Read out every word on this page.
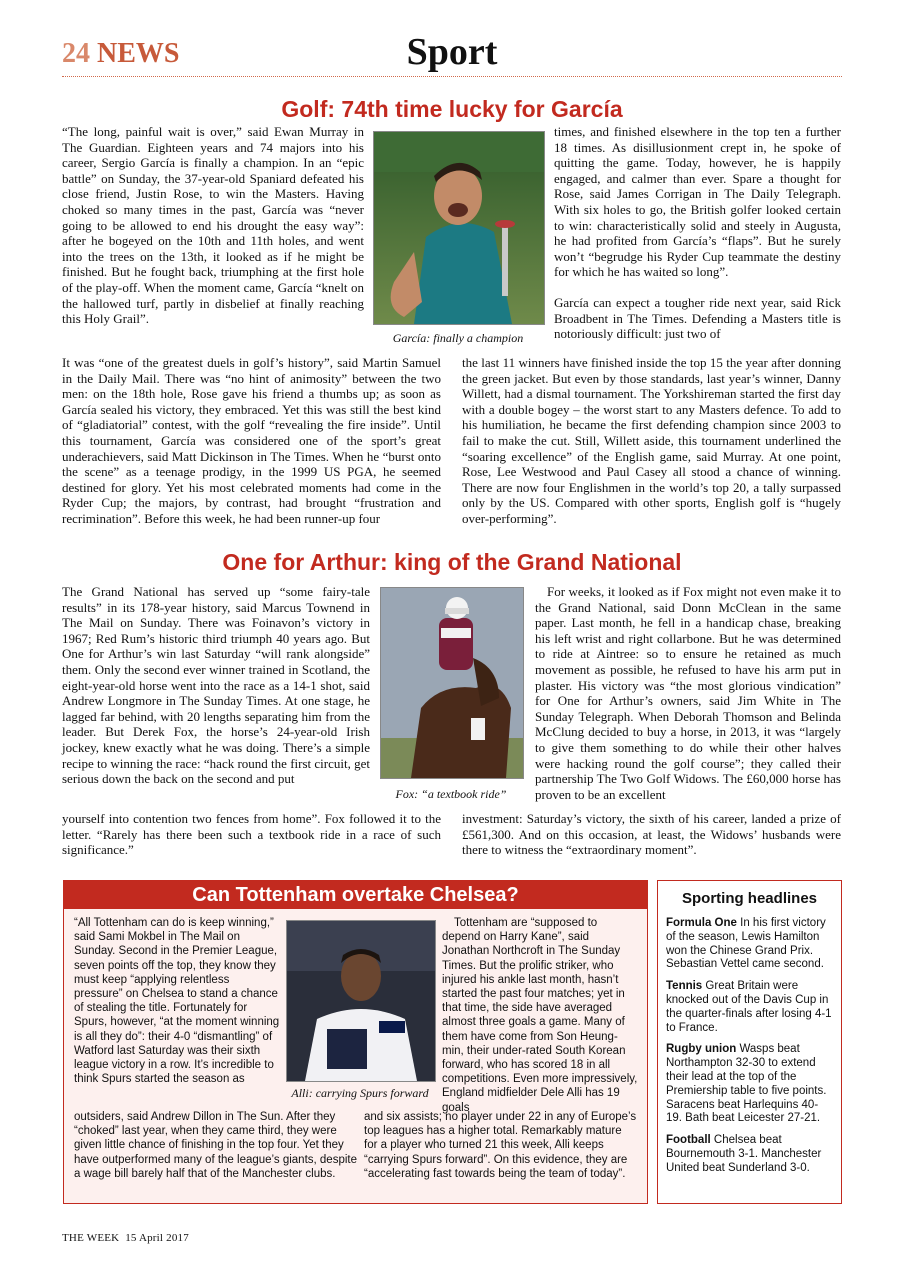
24 NEWS	Sport
Golf: 74th time lucky for García

“The long, painful wait is over,” said Ewan Murray in The Guardian. Eighteen years and 74 majors into his career, Sergio García is finally a champion. In an “epic battle” on Sunday, the 37-year-old Spaniard defeated his close friend, Justin Rose, to win the Masters. Having choked so many times in the past, García was “never going to be allowed to end his drought the easy way”: after he bogeyed on the 10th and 11th holes, and went into the trees on the 13th, it looked as if he might be finished. But he fought back, triumphing at the first hole of the play-off. When the moment came, García “knelt on the hallowed turf, partly in disbelief at finally reaching this Holy Grail”.

García: finally a champion

times, and finished elsewhere in the top ten a further 18 times. As disillusionment crept in, he spoke of quitting the game. Today, however, he is happily engaged, and calmer than ever. Spare a thought for Rose, said James Corrigan in The Daily Telegraph. With six holes to go, the British golfer looked certain to win: characteristically solid and steely in Augusta, he had profited from García’s “flaps”. But he surely won’t “begrudge his Ryder Cup teammate the destiny for which he has waited so long”.

García can expect a tougher ride next year, said Rick Broadbent in The Times. Defending a Masters title is notoriously difficult: just two of

It was “one of the greatest duels in golf’s history”, said Martin Samuel in the Daily Mail. There was “no hint of animosity” between the two men: on the 18th hole, Rose gave his friend a thumbs up; as soon as García sealed his victory, they embraced. Yet this was still the best kind of “gladiatorial” contest, with the golf “revealing the fire inside”. Until this tournament, García was considered one of the sport’s great underachievers, said Matt Dickinson in The Times. When he “burst onto the scene” as a teenage prodigy, in the 1999 US PGA, he seemed destined for glory. Yet his most celebrated moments had come in the Ryder Cup; the majors, by contrast, had brought “frustration and recrimination”. Before this week, he had been runner-up four

the last 11 winners have finished inside the top 15 the year after donning the green jacket. But even by those standards, last year’s winner, Danny Willett, had a dismal tournament. The Yorkshireman started the first day with a double bogey – the worst start to any Masters defence. To add to his humiliation, he became the first defending champion since 2003 to fail to make the cut. Still, Willett aside, this tournament underlined the “soaring excellence” of the English game, said Murray. At one point, Rose, Lee Westwood and Paul Casey all stood a chance of winning. There are now four Englishmen in the world’s top 20, a tally surpassed only by the US. Compared with other sports, English golf is “hugely over-performing”.

One for Arthur: king of the Grand National

The Grand National has served up “some fairy-tale results” in its 178-year history, said Marcus Townend in The Mail on Sunday. There was Foinavon’s victory in 1967; Red Rum’s historic third triumph 40 years ago. But One for Arthur’s win last Saturday “will rank alongside” them. Only the second ever winner trained in Scotland, the eight-year-old horse went into the race as a 14-1 shot, said Andrew Longmore in The Sunday Times. At one stage, he lagged far behind, with 20 lengths separating him from the leader. But Derek Fox, the horse’s 24-year-old Irish jockey, knew exactly what he was doing. There’s a simple recipe to winning the race: “hack round the first circuit, get serious down the back on the second and put

Fox: “a textbook ride”

For weeks, it looked as if Fox might not even make it to the Grand National, said Donn McClean in the same paper. Last month, he fell in a handicap chase, breaking his left wrist and right collarbone. But he was determined to ride at Aintree: so to ensure he retained as much movement as possible, he refused to have his arm put in plaster. His victory was “the most glorious vindication” for One for Arthur’s owners, said Jim White in The Sunday Telegraph. When Deborah Thomson and Belinda McClung decided to buy a horse, in 2013, it was “largely to give them something to do while their other halves were hacking round the golf course”; they called their partnership The Two Golf Widows. The £60,000 horse has proven to be an excellent

yourself into contention two fences from home”. Fox followed it to the letter. “Rarely has there been such a textbook ride in a race of such significance.”

investment: Saturday’s victory, the sixth of his career, landed a prize of £561,300. And on this occasion, at least, the Widows’ husbands were there to witness the “extraordinary moment”.

Can Tottenham overtake Chelsea?

“All Tottenham can do is keep winning,” said Sami Mokbel in The Mail on Sunday. Second in the Premier League, seven points off the top, they know they must keep “applying relentless pressure” on Chelsea to stand a chance of stealing the title. Fortunately for Spurs, however, “at the moment winning is all they do”: their 4-0 “dismantling” of Watford last Saturday was their sixth league victory in a row. It’s incredible to think Spurs started the season as

Alli: carrying Spurs forward

Tottenham are “supposed to depend on Harry Kane”, said Jonathan Northcroft in The Sunday Times. But the prolific striker, who injured his ankle last month, hasn’t started the past four matches; yet in that time, the side have averaged almost three goals a game. Many of them have come from Son Heung-min, their under-rated South Korean forward, who has scored 18 in all competitions. Even more impressively, England midfielder Dele Alli has 19 goals

outsiders, said Andrew Dillon in The Sun. After they “choked” last year, when they came third, they were given little chance of finishing in the top four. Yet they have outperformed many of the league’s giants, despite a wage bill barely half that of the Manchester clubs.

and six assists; no player under 22 in any of Europe’s top leagues has a higher total. Remarkably mature for a player who turned 21 this week, Alli keeps “carrying Spurs forward”. On this evidence, they are “accelerating fast towards being the team of today”.

Sporting headlines
Formula One In his first victory of the season, Lewis Hamilton won the Chinese Grand Prix. Sebastian Vettel came second.
Tennis Great Britain were knocked out of the Davis Cup in the quarter-finals after losing 4-1 to France.
Rugby union Wasps beat Northampton 32-30 to extend their lead at the top of the Premiership table to five points. Saracens beat Harlequins 40-19. Bath beat Leicester 27-21.
Football Chelsea beat Bournemouth 3-1. Manchester United beat Sunderland 3-0.
THE WEEK 15 April 2017
